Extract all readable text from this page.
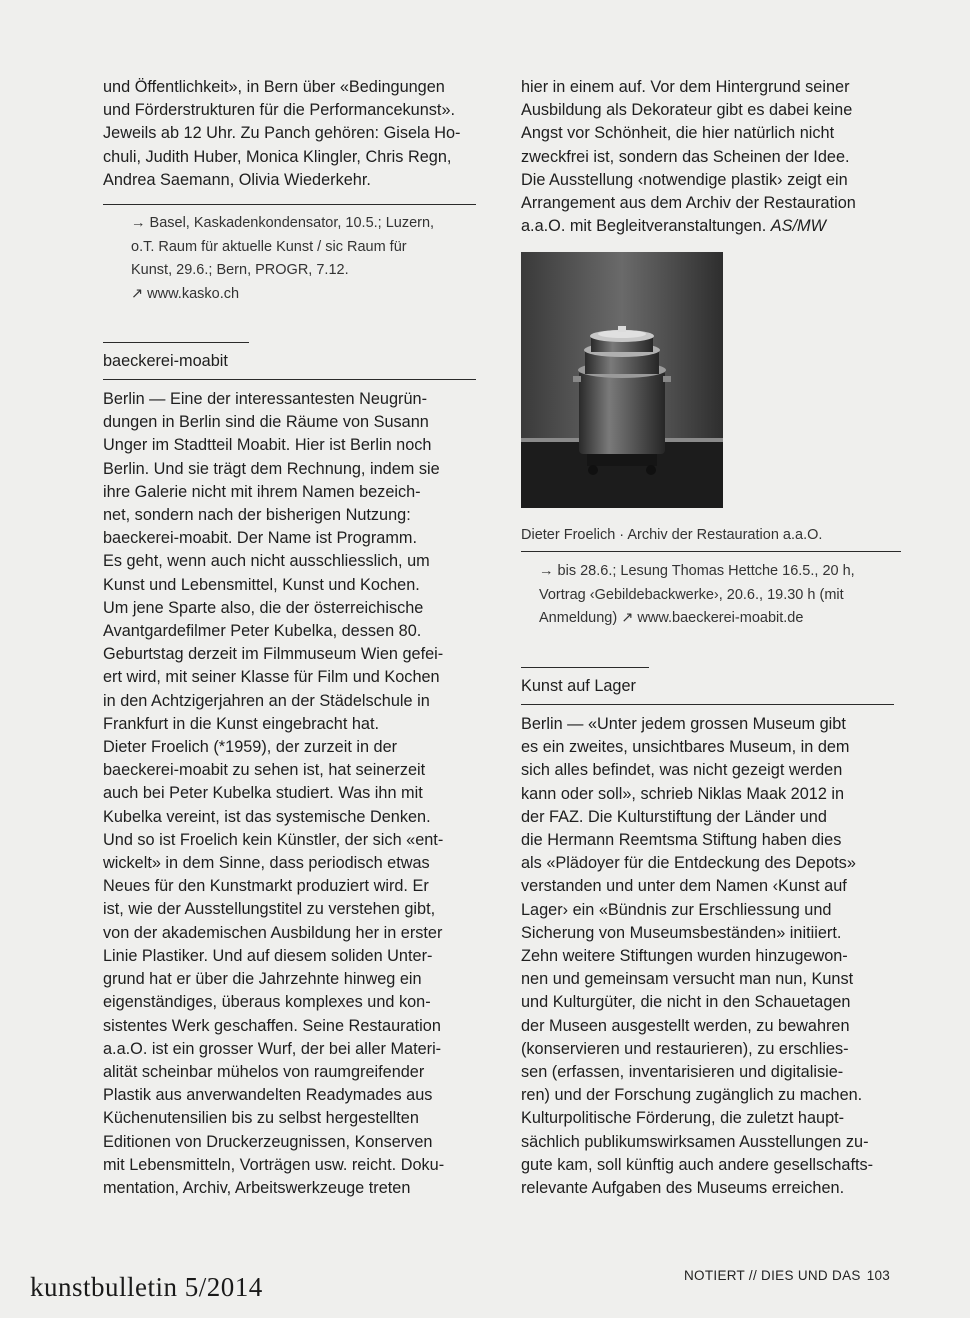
und Öffentlichkeit», in Bern über «Bedingungen

und Förderstrukturen für die Performancekunst».

Jeweils ab 12 Uhr. Zu Panch gehören: Gisela Ho-

chuli, Judith Huber, Monica Klingler, Chris Regn,

Andrea Saemann, Olivia Wiederkehr.

→ Basel, Kaskadenkondensator, 10.5.; Luzern,
o.T. Raum für aktuelle Kunst / sic Raum für
Kunst, 29.6.; Bern, PROGR, 7.12.
↗ www.kasko.ch
baeckerei-moabit

Berlin — Eine der interessantesten Neugrün-

dungen in Berlin sind die Räume von Susann

Unger im Stadtteil Moabit. Hier ist Berlin noch

Berlin. Und sie trägt dem Rechnung, indem sie

ihre Galerie nicht mit ihrem Namen bezeich-

net, sondern nach der bisherigen Nutzung:

baeckerei-moabit. Der Name ist Programm.

Es geht, wenn auch nicht ausschliesslich, um

Kunst und Lebensmittel, Kunst und Kochen.

Um jene Sparte also, die der österreichische

Avantgardefilmer Peter Kubelka, dessen 80.

Geburtstag derzeit im Filmmuseum Wien gefei-

ert wird, mit seiner Klasse für Film und Kochen

in den Achtzigerjahren an der Städelschule in

Frankfurt in die Kunst eingebracht hat.

Dieter Froelich (*1959), der zurzeit in der

baeckerei-moabit zu sehen ist, hat seinerzeit

auch bei Peter Kubelka studiert. Was ihn mit

Kubelka vereint, ist das systemische Denken.

Und so ist Froelich kein Künstler, der sich «ent-

wickelt» in dem Sinne, dass periodisch etwas

Neues für den Kunstmarkt produziert wird. Er

ist, wie der Ausstellungstitel zu verstehen gibt,

von der akademischen Ausbildung her in erster

Linie Plastiker. Und auf diesem soliden Unter-

grund hat er über die Jahrzehnte hinweg ein

eigenständiges, überaus komplexes und kon-

sistentes Werk geschaffen. Seine Restauration

a.a.O. ist ein grosser Wurf, der bei aller Materi-

alität scheinbar mühelos von raumgreifender

Plastik aus anverwandelten Readymades aus

Küchenutensilien bis zu selbst hergestellten

Editionen von Druckerzeugnissen, Konserven

mit Lebensmitteln, Vorträgen usw. reicht. Doku-

mentation, Archiv, Arbeitswerkzeuge treten

hier in einem auf. Vor dem Hintergrund seiner

Ausbildung als Dekorateur gibt es dabei keine

Angst vor Schönheit, die hier natürlich nicht

zweckfrei ist, sondern das Scheinen der Idee.

Die Ausstellung ‹notwendige plastik› zeigt ein

Arrangement aus dem Archiv der Restauration

a.a.O. mit Begleitveranstaltungen. AS/MW

Dieter Froelich · Archiv der Restauration a.a.O.
→ bis 28.6.; Lesung Thomas Hettche 16.5., 20 h,
Vortrag ‹Gebildebackwerke›, 20.6., 19.30 h (mit
Anmeldung) ↗ www.baeckerei-moabit.de
Kunst auf Lager

Berlin — «Unter jedem grossen Museum gibt

es ein zweites, unsichtbares Museum, in dem

sich alles befindet, was nicht gezeigt werden

kann oder soll», schrieb Niklas Maak 2012 in

der FAZ. Die Kulturstiftung der Länder und

die Hermann Reemtsma Stiftung haben dies

als «Plädoyer für die Entdeckung des Depots»

verstanden und unter dem Namen ‹Kunst auf

Lager› ein «Bündnis zur Erschliessung und

Sicherung von Museumsbeständen» initiiert.

Zehn weitere Stiftungen wurden hinzugewon-

nen und gemeinsam versucht man nun, Kunst

und Kulturgüter, die nicht in den Schauetagen

der Museen ausgestellt werden, zu bewahren

(konservieren und restaurieren), zu erschlies-

sen (erfassen, inventarisieren und digitalisie-

ren) und der Forschung zugänglich zu machen.

Kulturpolitische Förderung, die zuletzt haupt-

sächlich publikumswirksamen Ausstellungen zu-

gute kam, soll künftig auch andere gesellschafts-

relevante Aufgaben des Museums erreichen.

kunstbulletin 5/2014	NOTIERT // DIES UND DAS 103
